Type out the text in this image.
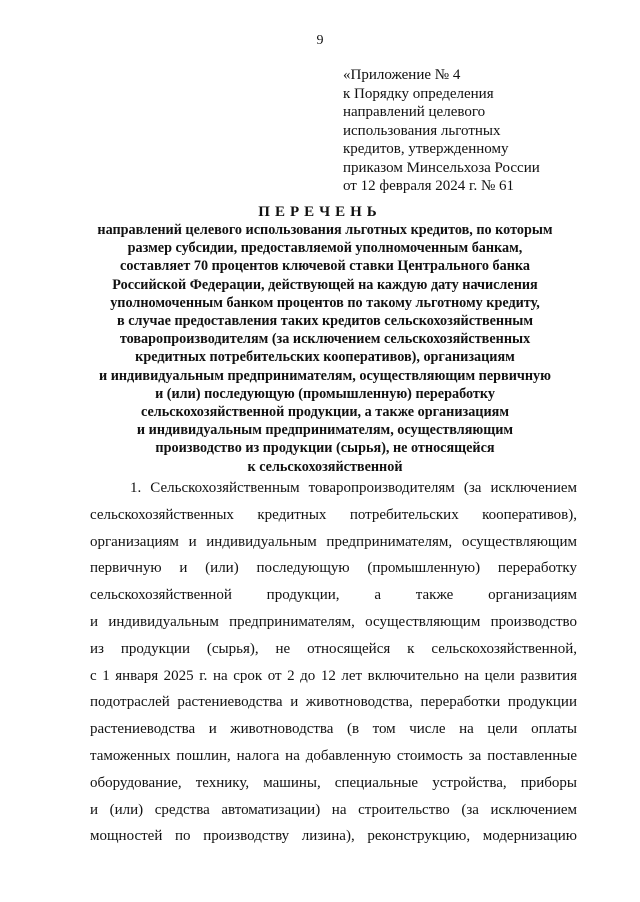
9
«Приложение № 4
к Порядку определения
направлений целевого
использования льготных
кредитов, утвержденному
приказом Минсельхоза России
от 12 февраля 2024 г. № 61
ПЕРЕЧЕНЬ
направлений целевого использования льготных кредитов, по которым
размер субсидии, предоставляемой уполномоченным банкам,
составляет 70 процентов ключевой ставки Центрального банка
Российской Федерации, действующей на каждую дату начисления
уполномоченным банком процентов по такому льготному кредиту,
в случае предоставления таких кредитов сельскохозяйственным
товаропроизводителям (за исключением сельскохозяйственных
кредитных потребительских кооперативов), организациям
и индивидуальным предпринимателям, осуществляющим первичную
и (или) последующую (промышленную) переработку
сельскохозяйственной продукции, а также организациям
и индивидуальным предпринимателям, осуществляющим
производство из продукции (сырья), не относящейся
к сельскохозяйственной
1. Сельскохозяйственным товаропроизводителям (за исключением
сельскохозяйственных кредитных потребительских кооперативов),
организациям и индивидуальным предпринимателям, осуществляющим
первичную и (или) последующую (промышленную) переработку
сельскохозяйственной продукции, а также организациям
и индивидуальным предпринимателям, осуществляющим производство
из продукции (сырья), не относящейся к сельскохозяйственной,
с 1 января 2025 г. на срок от 2 до 12 лет включительно на цели развития
подотраслей растениеводства и животноводства, переработки продукции
растениеводства и животноводства (в том числе на цели оплаты
таможенных пошлин, налога на добавленную стоимость за поставленные
оборудование, технику, машины, специальные устройства, приборы
и (или) средства автоматизации) на строительство (за исключением
мощностей по производству лизина), реконструкцию, модернизацию
